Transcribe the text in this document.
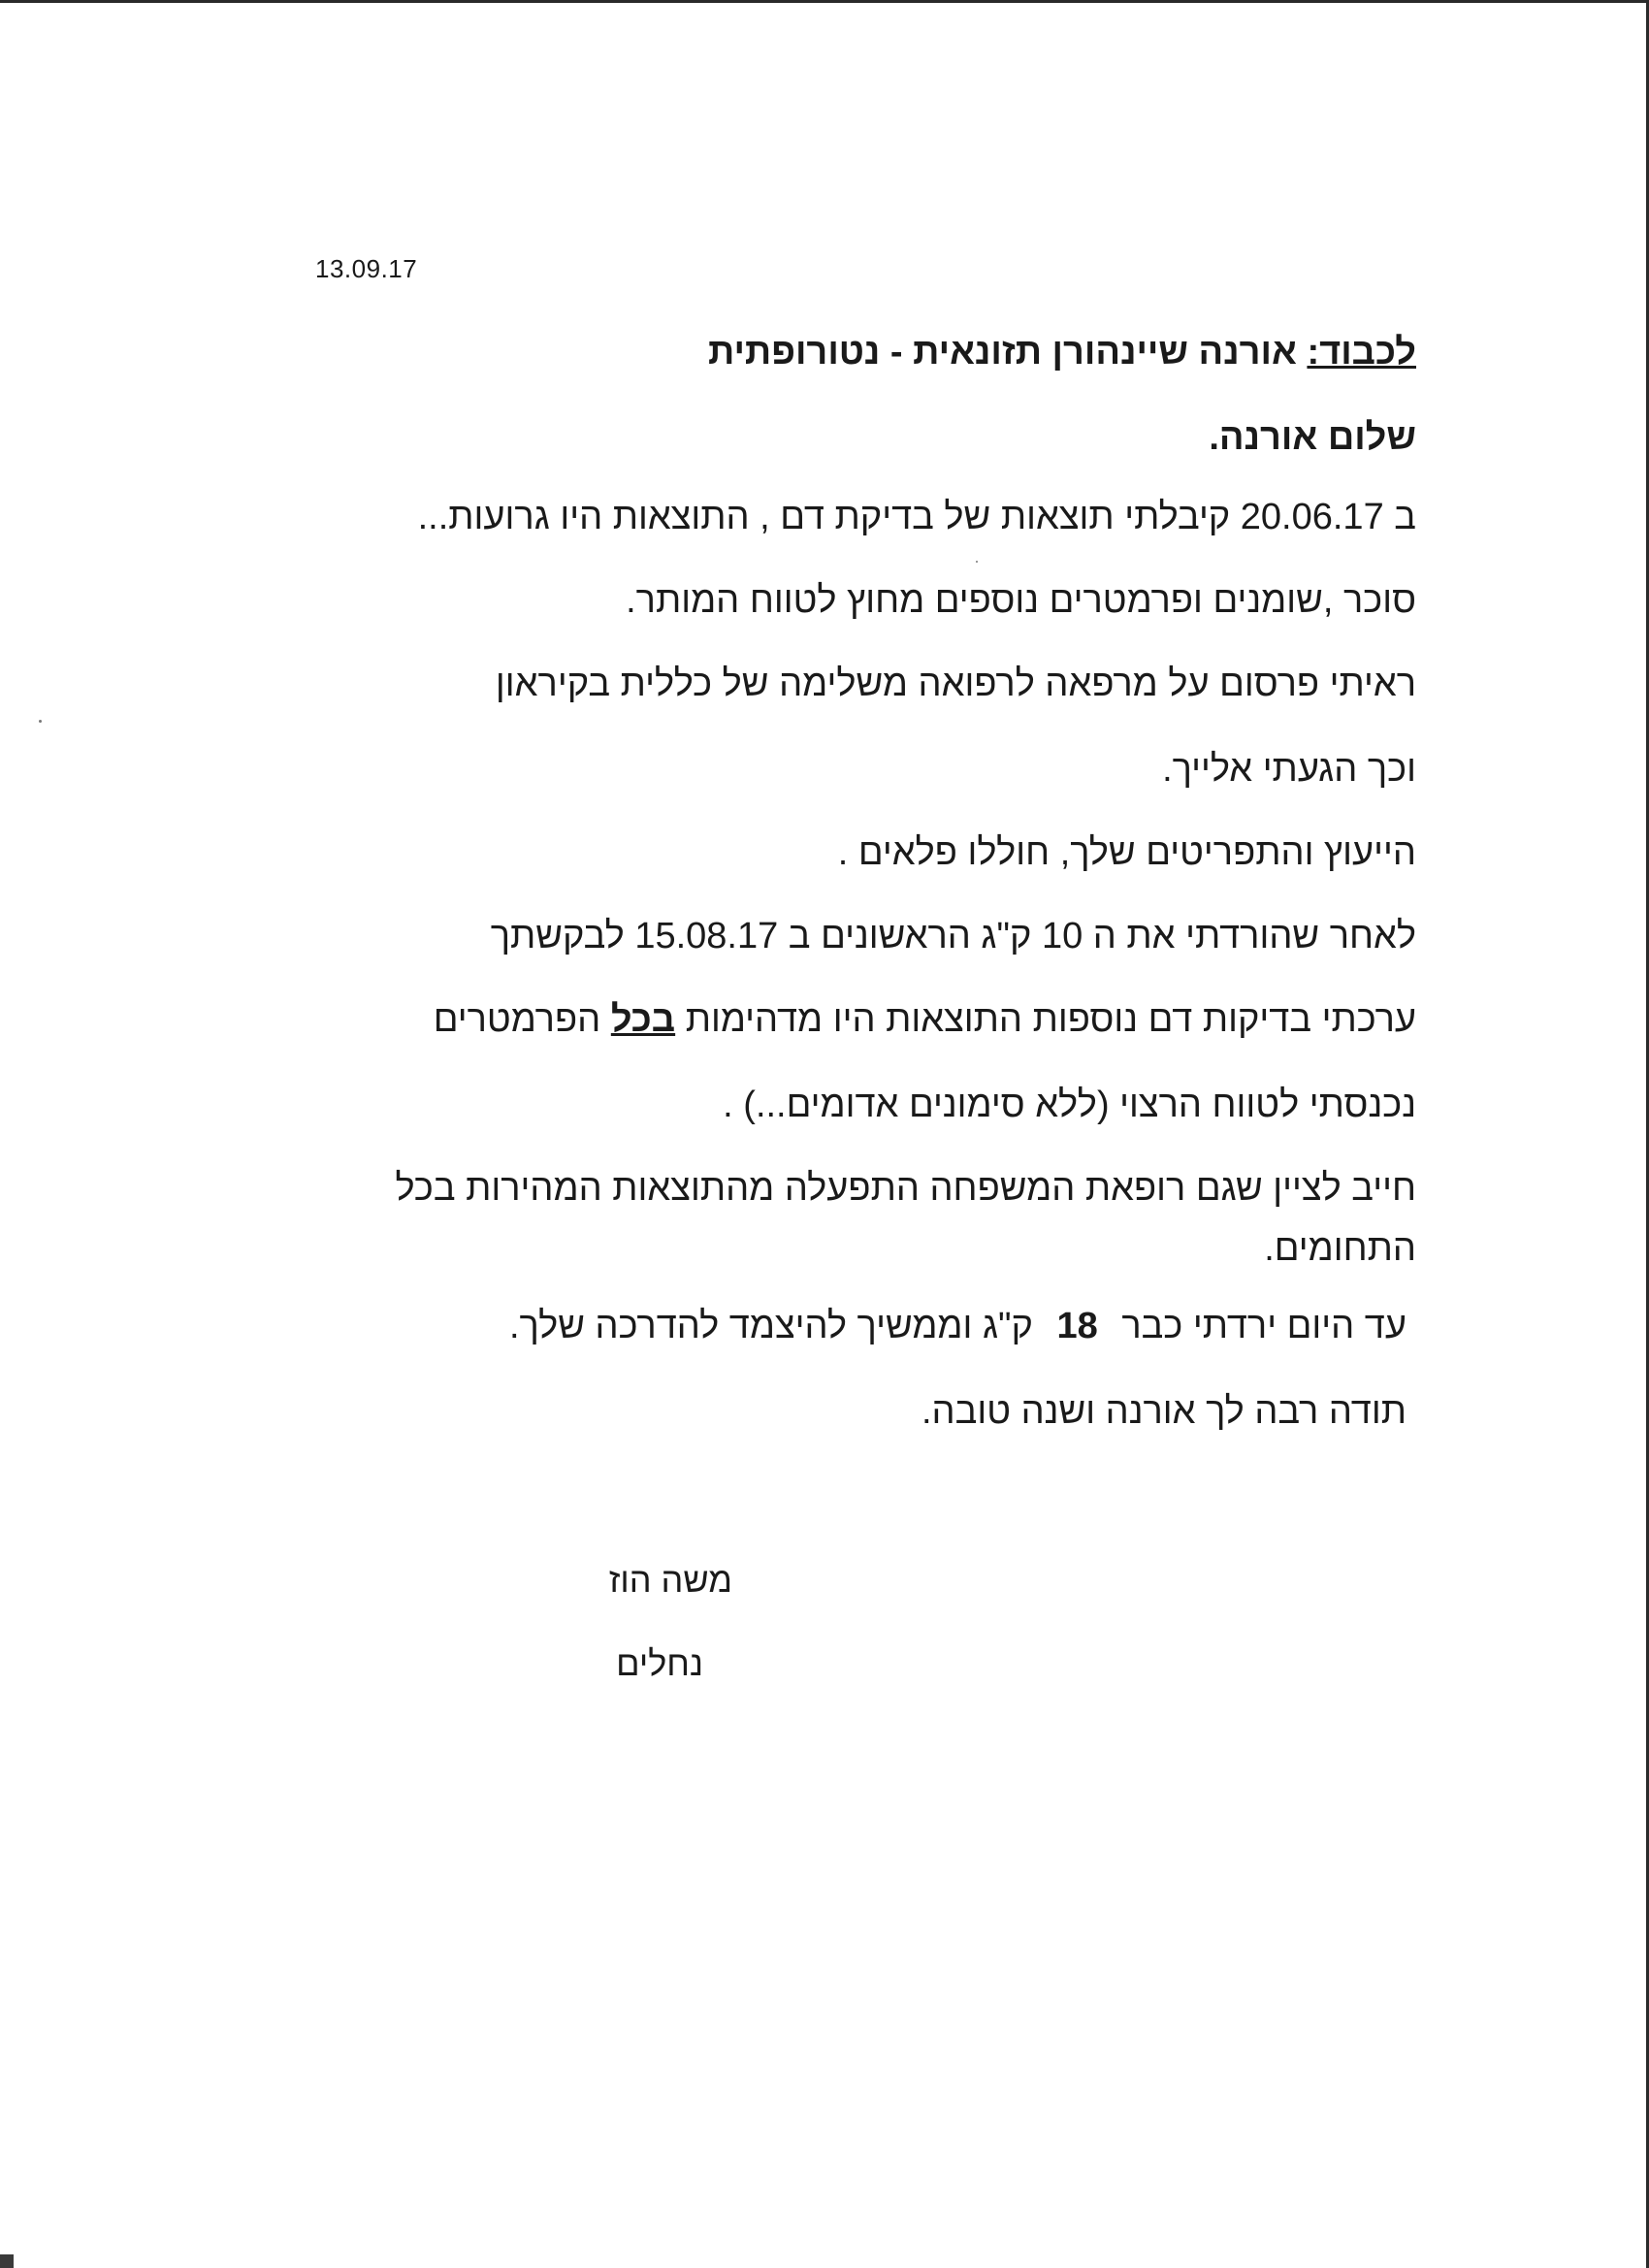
13.09.17
לכבוד: אורנה שיינהורן תזונאית - נטורופתית
שלום אורנה.
ב 20.06.17 קיבלתי תוצאות של בדיקת דם , התוצאות היו גרועות...
סוכר ,שומנים ופרמטרים נוספים מחוץ לטווח המותר.
ראיתי פרסום על מרפאה לרפואה משלימה של כללית בקיראון
וכך הגעתי אלייך.
הייעוץ והתפריטים שלך, חוללו פלאים .
לאחר שהורדתי את ה 10 ק"ג הראשונים ב 15.08.17 לבקשתך
ערכתי בדיקות דם נוספות התוצאות היו מדהימות בכל הפרמטרים
נכנסתי לטווח הרצוי (ללא סימונים אדומים...) .
חייב לציין שגם רופאת המשפחה התפעלה מהתוצאות המהירות בכל
התחומים.
עד היום ירדתי כבר 18 ק"ג וממשיך להיצמד להדרכה שלך.
תודה רבה לך אורנה ושנה טובה.
משה הוז
נחלים
